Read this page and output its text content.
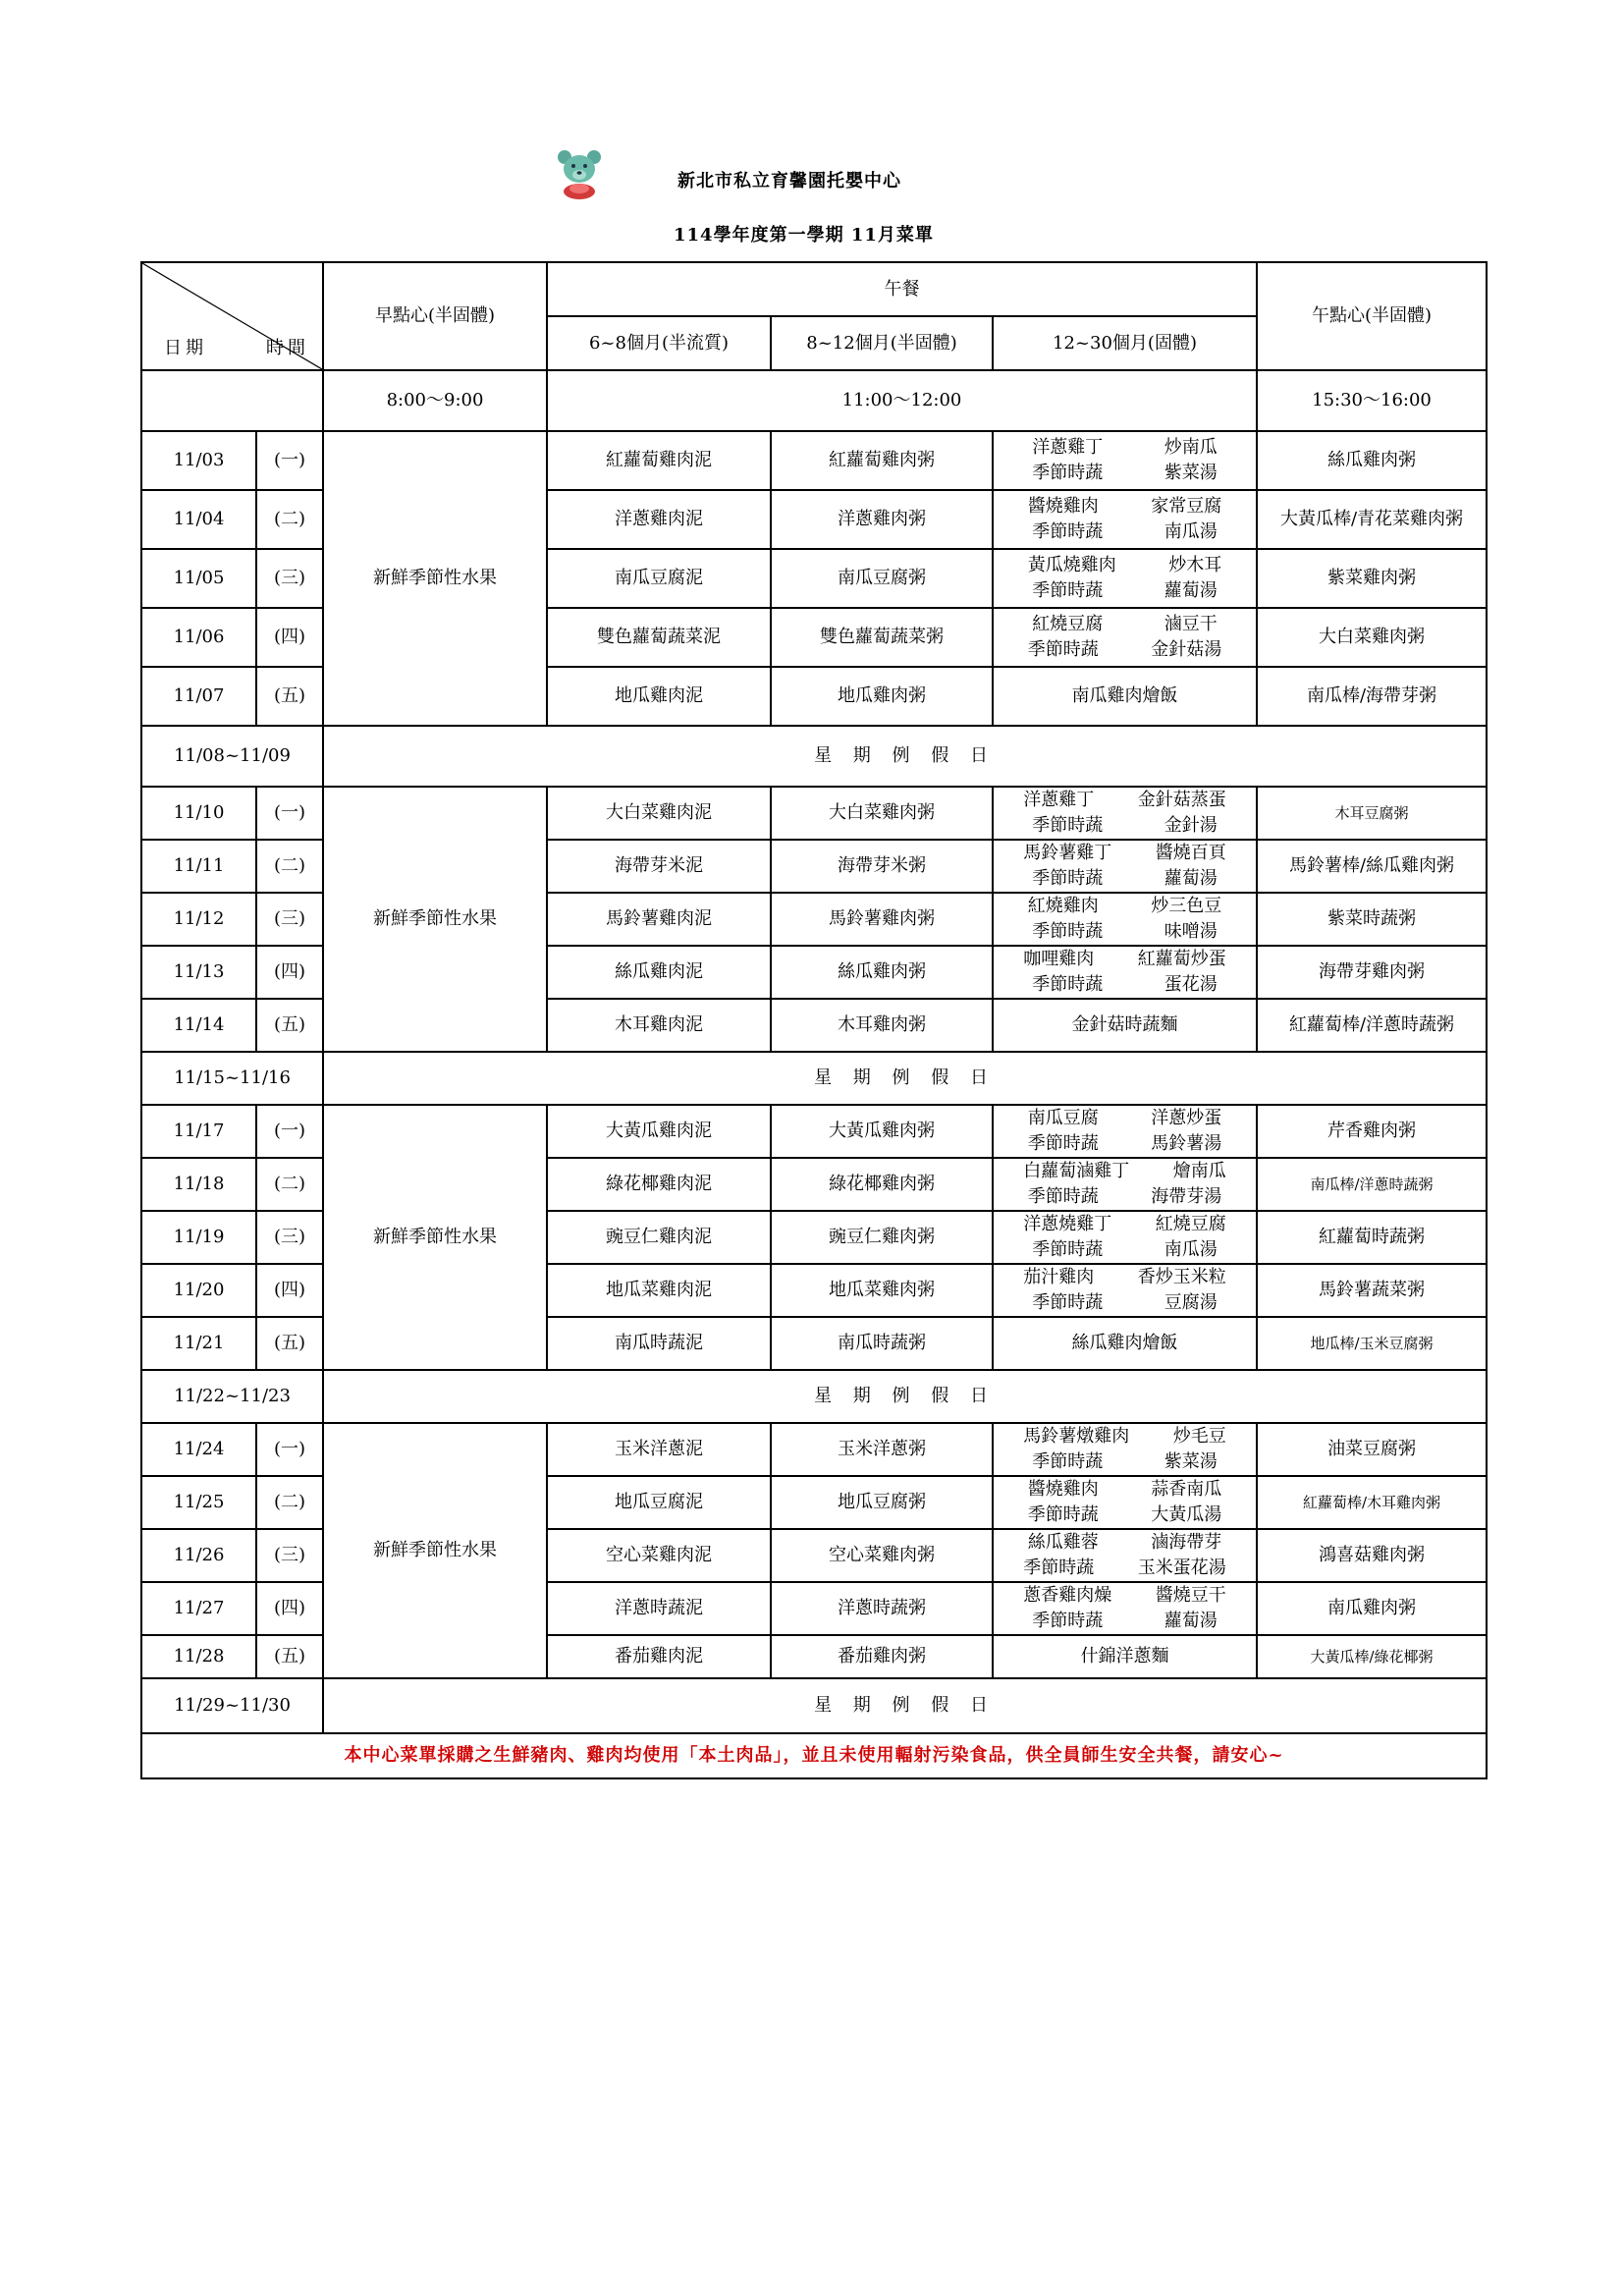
新北市私立育馨園托嬰中心
114學年度第一學期 11月菜單
日期 時間		早點心(半固體)	午餐			午點心(半固體)
			6~8個月(半流質)	8~12個月(半固體)	12~30個月(固體)	
		8:00～9:00	11:00～12:00			15:30～16:00
11/03	(一)	新鮮季節性水果	紅蘿蔔雞肉泥	紅蘿蔔雞肉粥	洋蔥雞丁 炒南瓜
季節時蔬 紫菜湯	絲瓜雞肉粥
11/04	(二)		洋蔥雞肉泥	洋蔥雞肉粥	醬燒雞肉 家常豆腐
季節時蔬 南瓜湯	大黃瓜棒/青花菜雞肉粥
11/05	(三)		南瓜豆腐泥	南瓜豆腐粥	黃瓜燒雞肉 炒木耳
季節時蔬 蘿蔔湯	紫菜雞肉粥
11/06	(四)		雙色蘿蔔蔬菜泥	雙色蘿蔔蔬菜粥	紅燒豆腐 滷豆干
季節時蔬 金針菇湯	大白菜雞肉粥
11/07	(五)		地瓜雞肉泥	地瓜雞肉粥	南瓜雞肉燴飯	南瓜棒/海帶芽粥
11/08~11/09		星 期 例 假 日				
11/10	(一)	新鮮季節性水果	大白菜雞肉泥	大白菜雞肉粥	洋蔥雞丁 金針菇蒸蛋
季節時蔬 金針湯	木耳豆腐粥
11/11	(二)		海帶芽米泥	海帶芽米粥	馬鈴薯雞丁 醬燒百頁
季節時蔬 蘿蔔湯	馬鈴薯棒/絲瓜雞肉粥
11/12	(三)		馬鈴薯雞肉泥	馬鈴薯雞肉粥	紅燒雞肉 炒三色豆
季節時蔬 味噌湯	紫菜時蔬粥
11/13	(四)		絲瓜雞肉泥	絲瓜雞肉粥	咖哩雞肉 紅蘿蔔炒蛋
季節時蔬 蛋花湯	海帶芽雞肉粥
11/14	(五)		木耳雞肉泥	木耳雞肉粥	金針菇時蔬麵	紅蘿蔔棒/洋蔥時蔬粥
11/15~11/16		星 期 例 假 日				
11/17	(一)	新鮮季節性水果	大黃瓜雞肉泥	大黃瓜雞肉粥	南瓜豆腐 洋蔥炒蛋
季節時蔬 馬鈴薯湯	芹香雞肉粥
11/18	(二)		綠花椰雞肉泥	綠花椰雞肉粥	白蘿蔔滷雞丁 燴南瓜
季節時蔬 海帶芽湯	南瓜棒/洋蔥時蔬粥
11/19	(三)		豌豆仁雞肉泥	豌豆仁雞肉粥	洋蔥燒雞丁 紅燒豆腐
季節時蔬 南瓜湯	紅蘿蔔時蔬粥
11/20	(四)		地瓜菜雞肉泥	地瓜菜雞肉粥	茄汁雞肉 香炒玉米粒
季節時蔬 豆腐湯	馬鈴薯蔬菜粥
11/21	(五)		南瓜時蔬泥	南瓜時蔬粥	絲瓜雞肉燴飯	地瓜棒/玉米豆腐粥
11/22~11/23		星 期 例 假 日				
11/24	(一)	新鮮季節性水果	玉米洋蔥泥	玉米洋蔥粥	馬鈴薯燉雞肉 炒毛豆
季節時蔬 紫菜湯	油菜豆腐粥
11/25	(二)		地瓜豆腐泥	地瓜豆腐粥	醬燒雞肉 蒜香南瓜
季節時蔬 大黃瓜湯	紅蘿蔔棒/木耳雞肉粥
11/26	(三)		空心菜雞肉泥	空心菜雞肉粥	絲瓜雞蓉 滷海帶芽
季節時蔬 玉米蛋花湯	鴻喜菇雞肉粥
11/27	(四)		洋蔥時蔬泥	洋蔥時蔬粥	蔥香雞肉燥 醬燒豆干
季節時蔬 蘿蔔湯	南瓜雞肉粥
11/28	(五)		番茄雞肉泥	番茄雞肉粥	什錦洋蔥麵	大黃瓜棒/綠花椰粥
11/29~11/30		星 期 例 假 日				
本中心菜單採購之生鮮豬肉、雞肉均使用「本土肉品」，並且未使用輻射污染食品，供全員師生安全共餐，請安心~						
